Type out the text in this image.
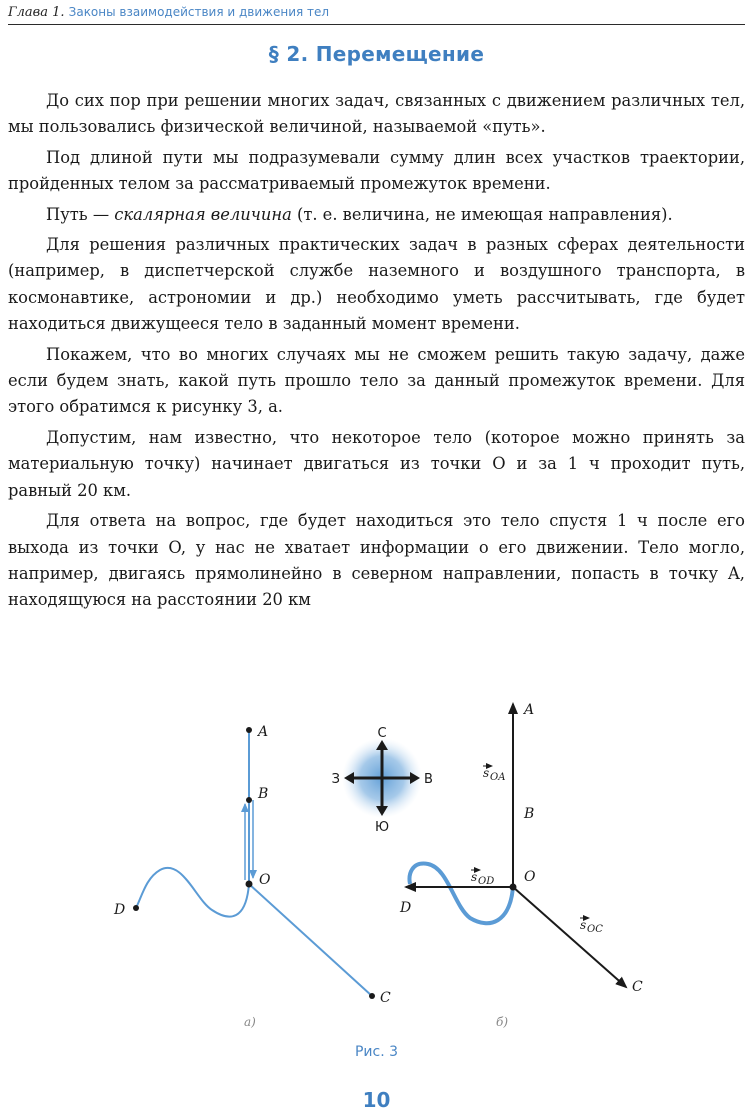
Глава 1. Законы взаимодействия и движения тел
§ 2. Перемещение

До сих пор при решении многих задач, связанных с движением различных тел, мы пользовались физической величиной, называемой «путь».

Под длиной пути мы подразумевали сумму длин всех участков траектории, пройденных телом за рассматриваемый промежуток времени.

Путь — скалярная величина (т. е. величина, не имеющая направления).

Для решения различных практических задач в разных сферах деятельности (например, в диспетчерской службе наземного и воздушного транспорта, в космонавтике, астрономии и др.) необходимо уметь рассчитывать, где будет находиться движущееся тело в заданный момент времени.

Покажем, что во многих случаях мы не сможем решить такую задачу, даже если будем знать, какой путь прошло тело за данный промежуток времени. Для этого обратимся к рисунку 3, а.

Допустим, нам известно, что некоторое тело (которое можно принять за материальную точку) начинает двигаться из точки O и за 1 ч проходит путь, равный 20 км.

Для ответа на вопрос, где будет находиться это тело спустя 1 ч после его выхода из точки O, у нас не хватает информации о его движении. Тело могло, например, двигаясь прямолинейно в северном направлении, попасть в точку A, находящуюся на расстоянии 20 км

С
Ю
З	В
A
B
O
D
C
а)
A
B
O
D
C
s OA
s OD
s OC
б)
Рис. 3
10
